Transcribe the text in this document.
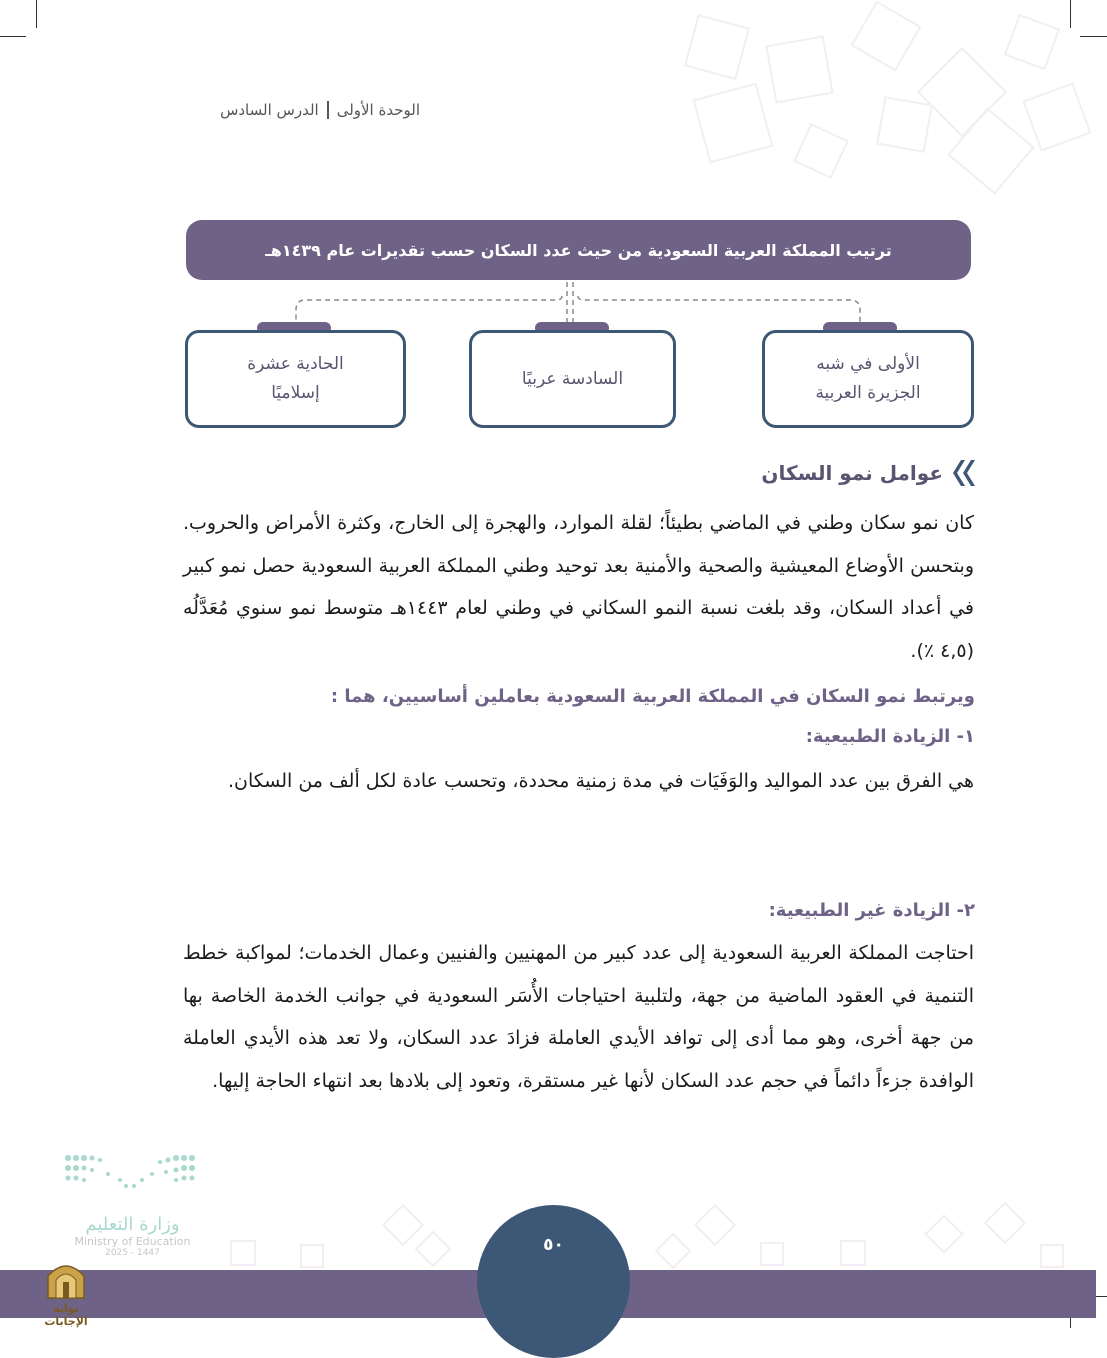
الوحدة الأولى
الدرس السادس
ترتيب المملكة العربية السعودية من حيث عدد السكان حسب تقديرات عام ١٤٣٩هـ
الأولى في شبه
الجزيرة العربية
السادسة عربيًا
الحادية عشرة
إسلاميًا
عوامل نمو السكان
كان نمو سكان وطني في الماضي بطيئاً؛ لقلة الموارد، والهجرة إلى الخارج، وكثرة الأمراض والحروب. وبتحسن الأوضاع المعيشية والصحية والأمنية بعد توحيد وطني المملكة العربية السعودية حصل نمو كبير في أعداد السكان، وقد بلغت نسبة النمو السكاني في وطني لعام ١٤٤٣هـ متوسط نمو سنوي مُعَدَّلُه (٤,٥ ٪).
ويرتبط نمو السكان في المملكة العربية السعودية بعاملين أساسيين، هما :
١- الزيادة الطبيعية:
هي الفرق بين عدد المواليد والوَفَيَات في مدة زمنية محددة، وتحسب عادة لكل ألف من السكان.
٢- الزيادة غير الطبيعية:
احتاجت المملكة العربية السعودية إلى عدد كبير من المهنيين والفنيين وعمال الخدمات؛ لمواكبة خطط التنمية في العقود الماضية من جهة، ولتلبية احتياجات الأُسَر السعودية في جوانب الخدمة الخاصة بها من جهة أخرى، وهو مما أدى إلى توافد الأيدي العاملة فزادَ عدد السكان، ولا تعد هذه الأيدي العاملة الوافدة جزءاً دائماً في حجم عدد السكان لأنها غير مستقرة، وتعود إلى بلادها بعد انتهاء الحاجة إليها.
وزارة التعليم
Ministry of Education
2025 - 1447	٥٠
بوابة الإجابات
